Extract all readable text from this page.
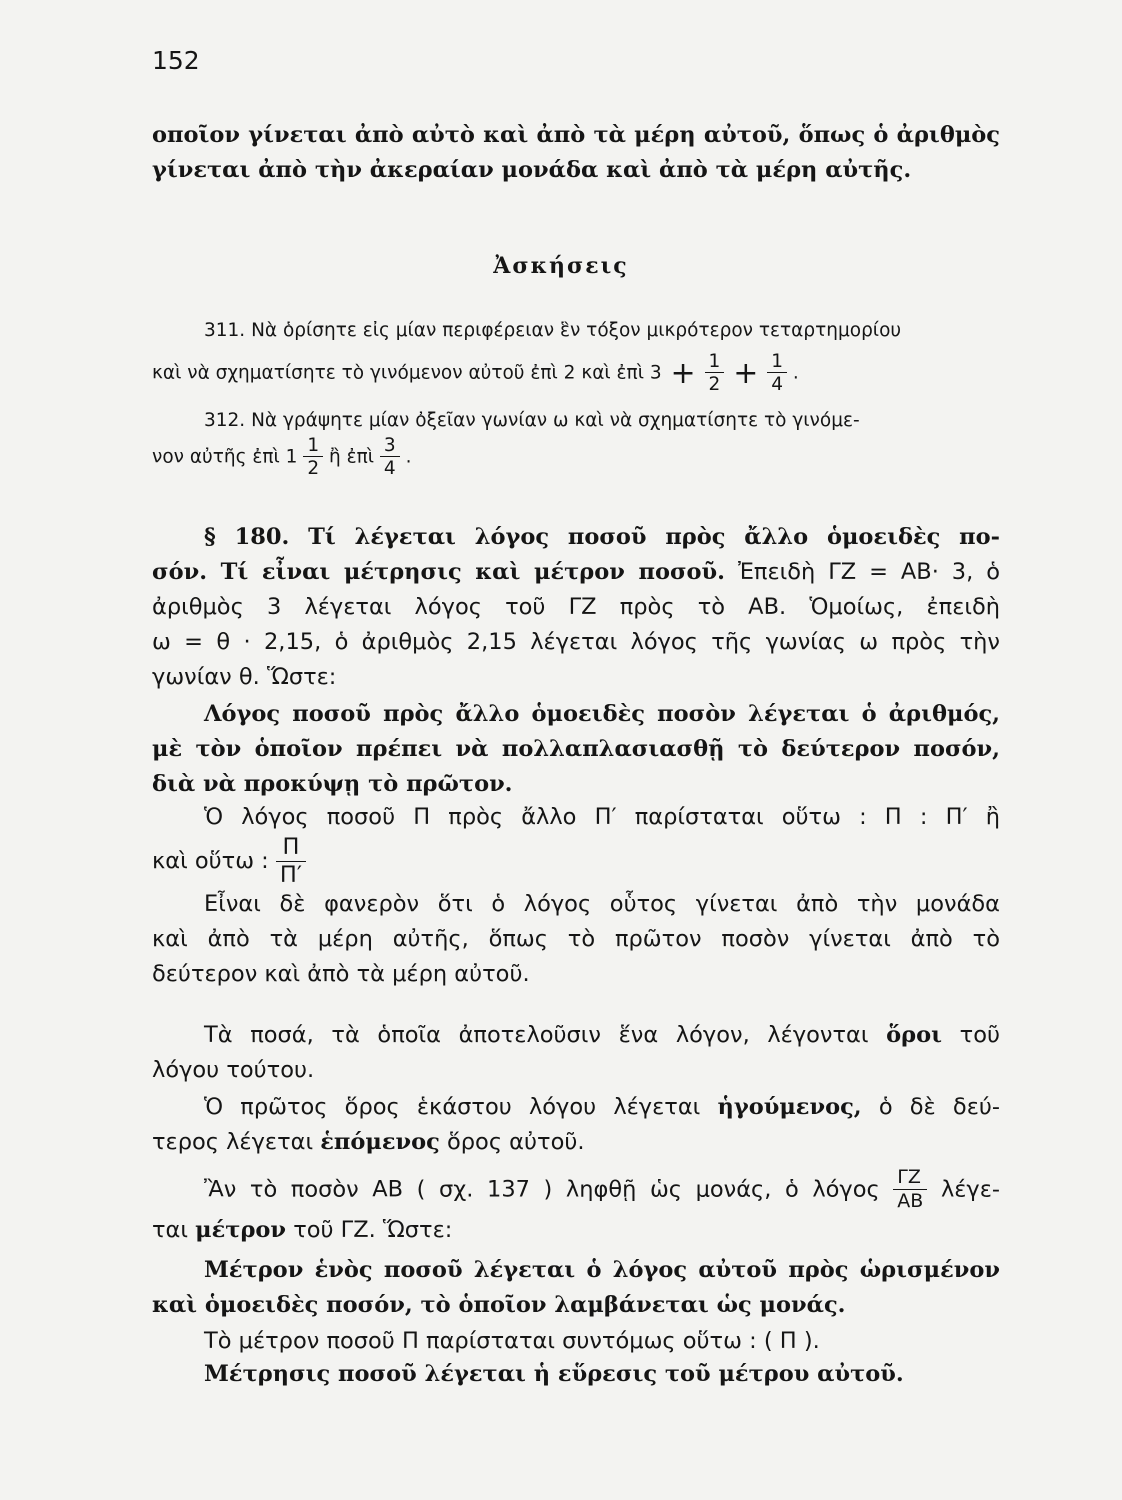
152
οποῖον γίνεται ἀπὸ αὐτὸ καὶ ἀπὸ τὰ μέρη αὐτοῦ, ὅπως ὁ ἀριθμὸς
γίνεται ἀπὸ τὴν ἀκεραίαν μονάδα καὶ ἀπὸ τὰ μέρη αὐτῆς.
Ἀσκήσεις
311. Νὰ ὁρίσητε εἰς μίαν περιφέρειαν ἓν τόξον μικρότερον τεταρτημορίου
καὶ νὰ σχηματίσητε τὸ γινόμενον αὐτοῦ ἐπὶ 2 καὶ ἐπὶ $3 + \frac{1}{2} + \frac{1}{4}$ .
312. Νὰ γράψητε μίαν ὀξεῖαν γωνίαν ω καὶ νὰ σχηματίσητε τὸ γινόμε-
νον αὐτῆς ἐπὶ $1 \frac{1}{2}$ ἢ ἐπὶ $\frac{3}{4}$ .
§ 180. Τί λέγεται λόγος ποσοῦ πρὸς ἄλλο ὁμοειδὲς πο-
σόν. Τί εἶναι μέτρησις καὶ μέτρον ποσοῦ. Ἐπειδὴ ΓΖ = ΑΒ· 3, ὁ
ἀριθμὸς 3 λέγεται λόγος τοῦ ΓΖ πρὸς τὸ ΑΒ. Ὁμοίως, ἐπειδὴ
ω = θ · 2,15, ὁ ἀριθμὸς 2,15 λέγεται λόγος τῆς γωνίας ω πρὸς τὴν
γωνίαν θ. Ὥστε:
Λόγος ποσοῦ πρὸς ἄλλο ὁμοειδὲς ποσὸν λέγεται ὁ ἀριθμός,
μὲ τὸν ὁποῖον πρέπει νὰ πολλαπλασιασθῇ τὸ δεύτερον ποσόν,
διὰ νὰ προκύψῃ τὸ πρῶτον.
Ὁ λόγος ποσοῦ Π πρὸς ἄλλο Π′ παρίσταται οὕτω : Π : Π′ ἢ
καὶ οὕτω : $\frac{\Pi}{\Pi'}$
Εἶναι δὲ φανερὸν ὅτι ὁ λόγος οὗτος γίνεται ἀπὸ τὴν μονάδα
καὶ ἀπὸ τὰ μέρη αὐτῆς, ὅπως τὸ πρῶτον ποσὸν γίνεται ἀπὸ τὸ
δεύτερον καὶ ἀπὸ τὰ μέρη αὐτοῦ.
Τὰ ποσά, τὰ ὁποῖα ἀποτελοῦσιν ἕνα λόγον, λέγονται ὅροι τοῦ
λόγου τούτου.
Ὁ πρῶτος ὅρος ἑκάστου λόγου λέγεται ἡγούμενος, ὁ δὲ δεύ-
τερος λέγεται ἑπόμενος ὅρος αὐτοῦ.
Ἂν τὸ ποσὸν ΑΒ ( σχ. 137 ) ληφθῇ ὡς μονάς, ὁ λόγος $\frac{\Gamma Z}{AB} \lambda έ\gamma\varepsilon-$
ται μέτρον τοῦ ΓΖ. Ὥστε:
Μέτρον ἑνὸς ποσοῦ λέγεται ὁ λόγος αὐτοῦ πρὸς ὡρισμένον
καὶ ὁμοειδὲς ποσόν, τὸ ὁποῖον λαμβάνεται ὡς μονάς.
Τὸ μέτρον ποσοῦ Π παρίσταται συντόμως οὕτω : ( Π ).
Μέτρησις ποσοῦ λέγεται ἡ εὕρεσις τοῦ μέτρου αὐτοῦ.
